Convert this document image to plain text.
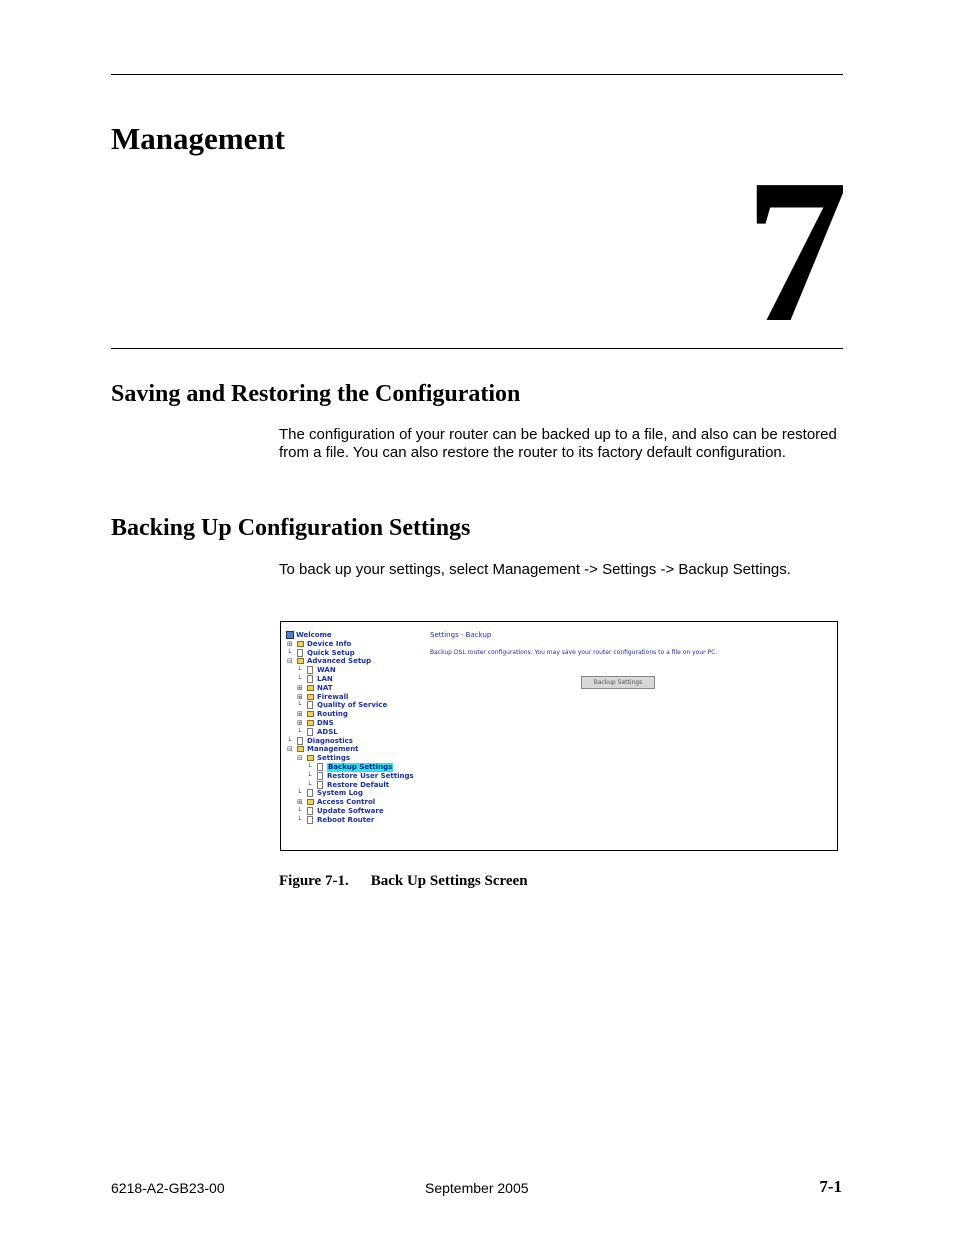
Management 7
Saving and Restoring the Configuration
The configuration of your router can be backed up to a file, and also can be restored from a file. You can also restore the router to its factory default configuration.
Backing Up Configuration Settings
To back up your settings, select Management -> Settings -> Backup Settings.
Welcome
⊞ Device Info
└ Quick Setup
⊟ Advanced Setup
└ WAN
└ LAN
⊞ NAT
⊞ Firewall
└ Quality of Service
⊞ Routing
⊞ DNS
└ ADSL
└ Diagnostics
⊟ Management
⊟ Settings
└ Backup Settings
└ Restore User Settings
└ Restore Default
└ System Log
⊞ Access Control
└ Update Software
└ Reboot Router
Settings - Backup
Backup DSL router configurations. You may save your router configurations to a file on your PC.
Backup Settings
Figure 7-1. Back Up Settings Screen
6218-A2-GB23-00	September 2005	7-1
